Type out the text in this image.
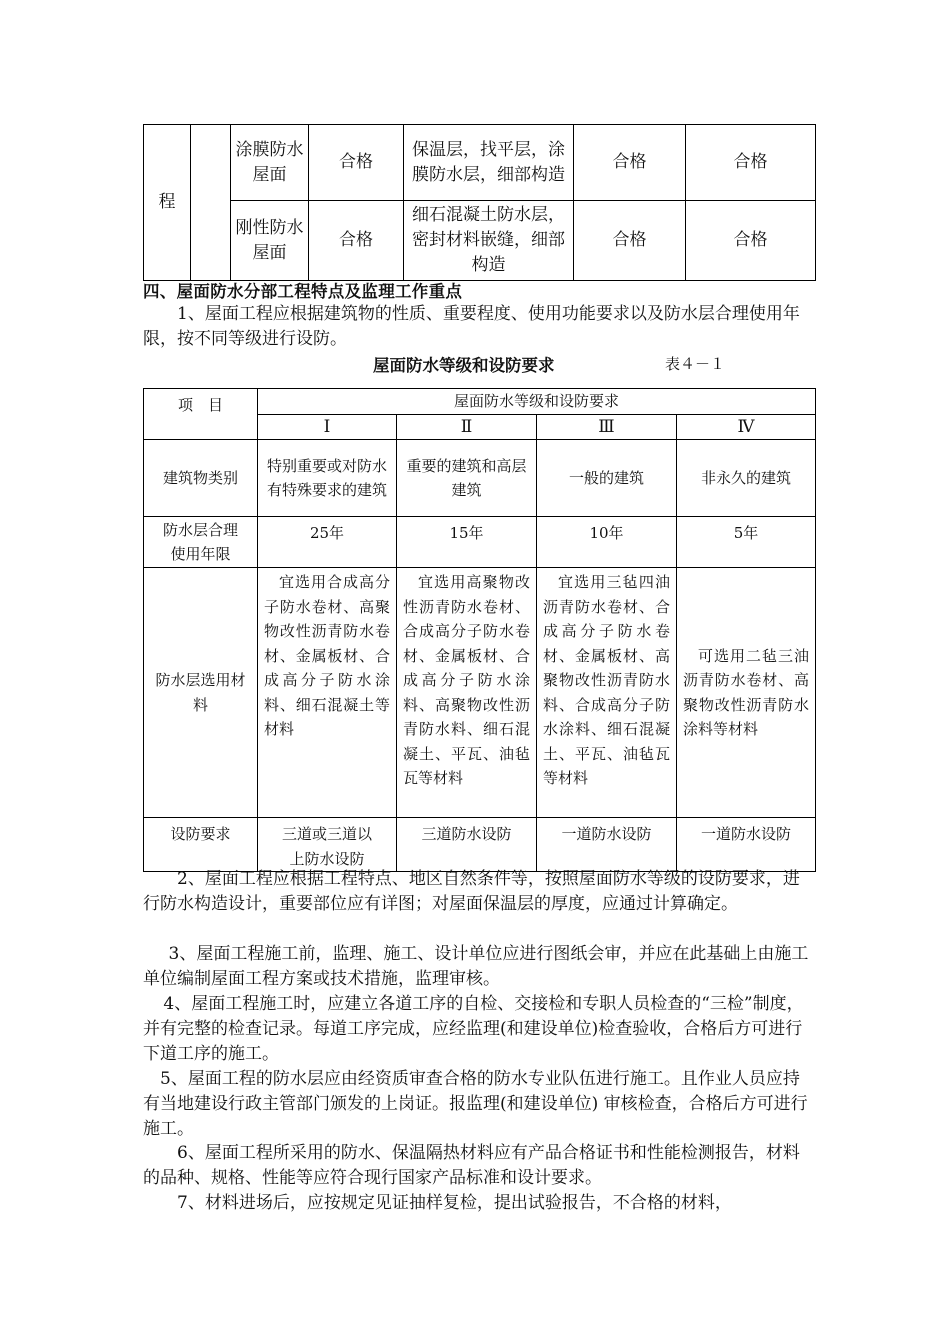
程		涂膜防水屋面	合格	保温层，找平层，涂膜防水层，细部构造	合格	合格
		刚性防水屋面	合格	细石混凝土防水层，密封材料嵌缝，细部构造	合格	合格
四、屋面防水分部工程特点及监理工作重点
1、屋面工程应根据建筑物的性质、重要程度、使用功能要求以及防水层合理使用年限，按不同等级进行设防。
屋面防水等级和设防要求	表４－１
项　目	屋面防水等级和设防要求			
	Ⅰ	Ⅱ	Ⅲ	Ⅳ
建筑物类别	特别重要或对防水有特殊要求的建筑	重要的建筑和高层建筑	一般的建筑	非永久的建筑
防水层合理使用年限	25年	15年	10年	5年
防水层选用材料	宜选用合成高分子防水卷材、高聚物改性沥青防水卷材、金属板材、合成高分子防水涂料、细石混凝土等材料	宜选用高聚物改性沥青防水卷材、合成高分子防水卷材、金属板材、合成高分子防水涂料、高聚物改性沥青防水料、细石混凝土、平瓦、油毡瓦等材料	宜选用三毡四油沥青防水卷材、合成高分子防水卷材、金属板材、高聚物改性沥青防水料、合成高分子防水涂料、细石混凝土、平瓦、油毡瓦等材料	可选用二毡三油沥青防水卷材、高聚物改性沥青防水涂料等材料
设防要求	三道或三道以上防水设防	三道防水设防	一道防水设防	一道防水设防
2、屋面工程应根据工程特点、地区自然条件等，按照屋面防水等级的设防要求，进行防水构造设计，重要部位应有详图；对屋面保温层的厚度，应通过计算确定。
3、屋面工程施工前，监理、施工、设计单位应进行图纸会审，并应在此基础上由施工单位编制屋面工程方案或技术措施，监理审核。
4、屋面工程施工时，应建立各道工序的自检、交接检和专职人员检查的“三检”制度，并有完整的检查记录。每道工序完成，应经监理(和建设单位)检查验收，合格后方可进行下道工序的施工。
5、屋面工程的防水层应由经资质审查合格的防水专业队伍进行施工。且作业人员应持有当地建设行政主管部门颁发的上岗证。报监理(和建设单位) 审核检查，合格后方可进行施工。
6、屋面工程所采用的防水、保温隔热材料应有产品合格证书和性能检测报告，材料的品种、规格、性能等应符合现行国家产品标准和设计要求。
7、材料进场后，应按规定见证抽样复检，提出试验报告，不合格的材料，
